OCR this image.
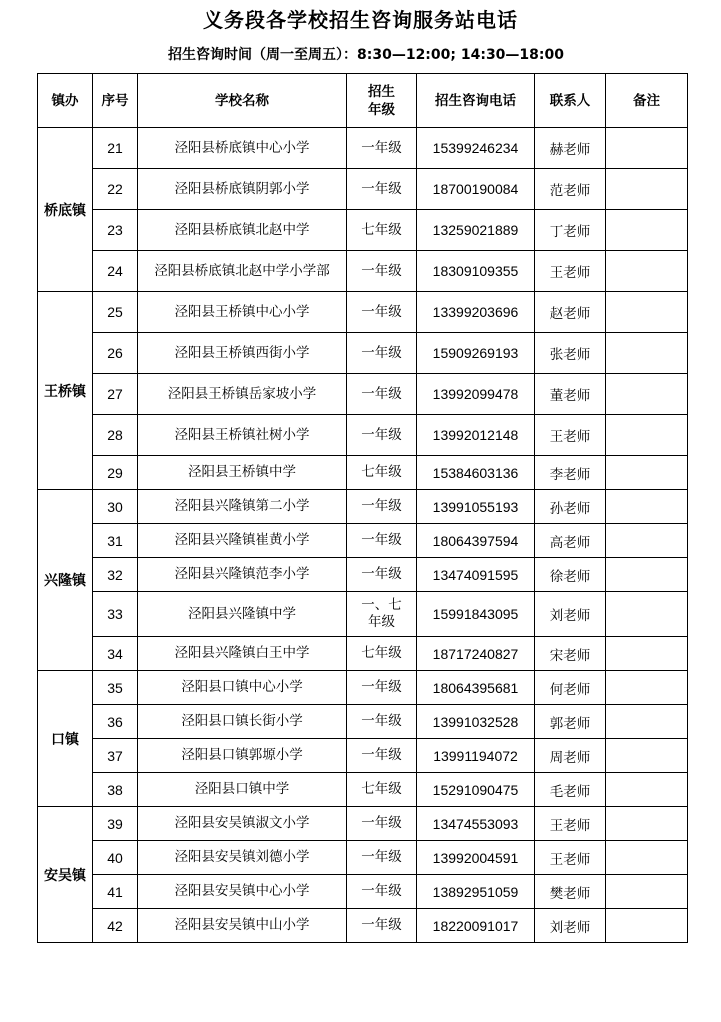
义务段各学校招生咨询服务站电话
招生咨询时间（周一至周五）：8:30—12:00; 14:30—18:00
镇办	序号	学校名称	招生年级	招生咨询电话	联系人	备注
桥底镇	21	泾阳县桥底镇中心小学	一年级	15399246234	赫老师	
	22	泾阳县桥底镇阴郭小学	一年级	18700190084	范老师	
	23	泾阳县桥底镇北赵中学	七年级	13259021889	丁老师	
	24	泾阳县桥底镇北赵中学小学部	一年级	18309109355	王老师	
王桥镇	25	泾阳县王桥镇中心小学	一年级	13399203696	赵老师	
	26	泾阳县王桥镇西街小学	一年级	15909269193	张老师	
	27	泾阳县王桥镇岳家坡小学	一年级	13992099478	董老师	
	28	泾阳县王桥镇社树小学	一年级	13992012148	王老师	
	29	泾阳县王桥镇中学	七年级	15384603136	李老师	
兴隆镇	30	泾阳县兴隆镇第二小学	一年级	13991055193	孙老师	
	31	泾阳县兴隆镇崔黄小学	一年级	18064397594	高老师	
	32	泾阳县兴隆镇范李小学	一年级	13474091595	徐老师	
	33	泾阳县兴隆镇中学	一、七年级	15991843095	刘老师	
	34	泾阳县兴隆镇白王中学	七年级	18717240827	宋老师	
口镇	35	泾阳县口镇中心小学	一年级	18064395681	何老师	
	36	泾阳县口镇长街小学	一年级	13991032528	郭老师	
	37	泾阳县口镇郭塬小学	一年级	13991194072	周老师	
	38	泾阳县口镇中学	七年级	15291090475	毛老师	
安吴镇	39	泾阳县安吴镇淑文小学	一年级	13474553093	王老师	
	40	泾阳县安吴镇刘德小学	一年级	13992004591	王老师	
	41	泾阳县安吴镇中心小学	一年级	13892951059	樊老师	
	42	泾阳县安吴镇中山小学	一年级	18220091017	刘老师	
